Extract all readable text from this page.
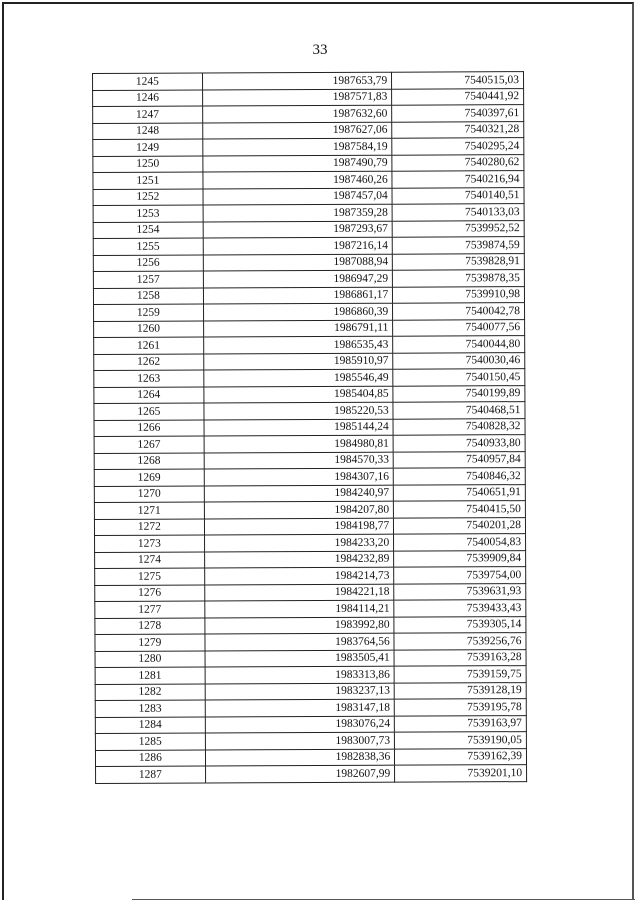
33
1245	1987653,79	7540515,03
1246	1987571,83	7540441,92
1247	1987632,60	7540397,61
1248	1987627,06	7540321,28
1249	1987584,19	7540295,24
1250	1987490,79	7540280,62
1251	1987460,26	7540216,94
1252	1987457,04	7540140,51
1253	1987359,28	7540133,03
1254	1987293,67	7539952,52
1255	1987216,14	7539874,59
1256	1987088,94	7539828,91
1257	1986947,29	7539878,35
1258	1986861,17	7539910,98
1259	1986860,39	7540042,78
1260	1986791,11	7540077,56
1261	1986535,43	7540044,80
1262	1985910,97	7540030,46
1263	1985546,49	7540150,45
1264	1985404,85	7540199,89
1265	1985220,53	7540468,51
1266	1985144,24	7540828,32
1267	1984980,81	7540933,80
1268	1984570,33	7540957,84
1269	1984307,16	7540846,32
1270	1984240,97	7540651,91
1271	1984207,80	7540415,50
1272	1984198,77	7540201,28
1273	1984233,20	7540054,83
1274	1984232,89	7539909,84
1275	1984214,73	7539754,00
1276	1984221,18	7539631,93
1277	1984114,21	7539433,43
1278	1983992,80	7539305,14
1279	1983764,56	7539256,76
1280	1983505,41	7539163,28
1281	1983313,86	7539159,75
1282	1983237,13	7539128,19
1283	1983147,18	7539195,78
1284	1983076,24	7539163,97
1285	1983007,73	7539190,05
1286	1982838,36	7539162,39
1287	1982607,99	7539201,10
